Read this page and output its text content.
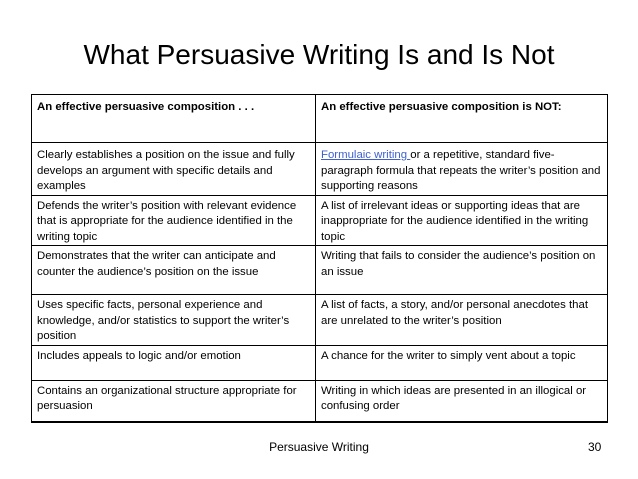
What Persuasive Writing Is and Is Not
An effective persuasive composition . . .	An effective persuasive composition is NOT:
Clearly establishes a position on the issue and fully develops an argument with specific details and examples	Formulaic writing or a repetitive, standard five-paragraph formula that repeats the writer’s position and supporting reasons
Defends the writer’s position with relevant evidence that is appropriate for the audience identified in the writing topic	A list of irrelevant ideas or supporting ideas that are inappropriate for the audience identified in the writing topic
Demonstrates that the writer can anticipate and counter the audience’s position on the issue	Writing that fails to consider the audience’s position on an issue
Uses specific facts, personal experience and knowledge, and/or statistics to support the writer’s position	A list of facts, a story, and/or personal anecdotes that are unrelated to the writer’s position
Includes appeals to logic and/or emotion	A chance for the writer to simply vent about a topic
Contains an organizational structure appropriate for persuasion	Writing in which ideas are presented in an illogical or confusing order
Persuasive Writing	30
